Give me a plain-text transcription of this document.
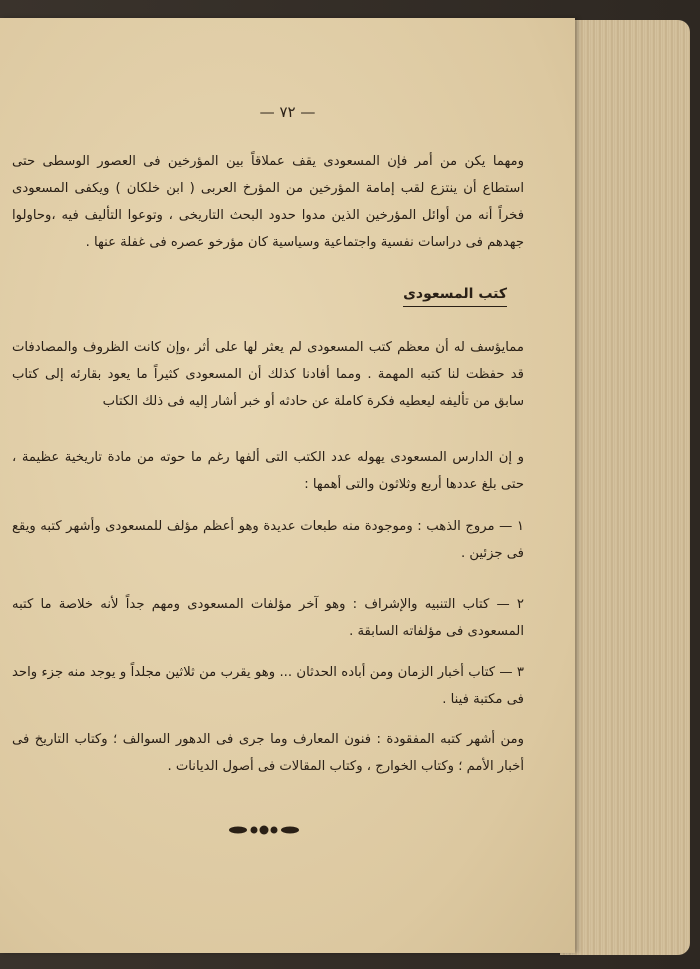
— ٧٢ —
ومهما يكن من أمر فإن المسعودى يقف عملاقاً بين المؤرخين فى العصور الوسطى حتى استطاع أن ينتزع لقب إمامة المؤرخين من المؤرخ العربى ( ابن خلكان ) ويكفى المسعودى فخراً أنه من أوائل المؤرخين الذين مدوا حدود البحث التاريخى ، وتوعوا التأليف فيه ،وحاولوا جهدهم فى دراسات نفسية واجتماعية وسياسية كان مؤرخو عصره فى غفلة عنها .
كتب المسعودى
ممايؤسف له أن معظم كتب المسعودى لم يعثر لها على أثر ،وإن كانت الظروف والمصادفات قد حفظت لنا كتبه المهمة . ومما أفادنا كذلك أن المسعودى كثيراً ما يعود بقارئه إلى كتاب سابق من تأليفه ليعطيه فكرة كاملة عن حادثه أو خبر أشار إليه فى ذلك الكتاب
و إن الدارس المسعودى يهوله عدد الكتب التى ألفها رغم ما حوته من مادة تاريخية عظيمة ، حتى بلغ عددها أربع وثلاثون والتى أهمها :
١ — مروج الذهب : وموجودة منه طبعات عديدة وهو أعظم مؤلف للمسعودى وأشهر كتبه ويقع فى جزئين .
٢ — كتاب التنبيه والإشراف : وهو آخر مؤلفات المسعودى ومهم جداً لأنه خلاصة ما كتبه المسعودى فى مؤلفاته السابقة .
٣ — كتاب أخبار الزمان ومن أباده الحدثان ... وهو يقرب من ثلاثين مجلداً و يوجد منه جزء واحد فى مكتبة فينا .
ومن أشهر كتبه المفقودة : فنون المعارف وما جرى فى الدهور السوالف ؛ وكتاب التاريخ فى أخبار الأمم ؛ وكتاب الخوارج ، وكتاب المقالات فى أصول الديانات .
